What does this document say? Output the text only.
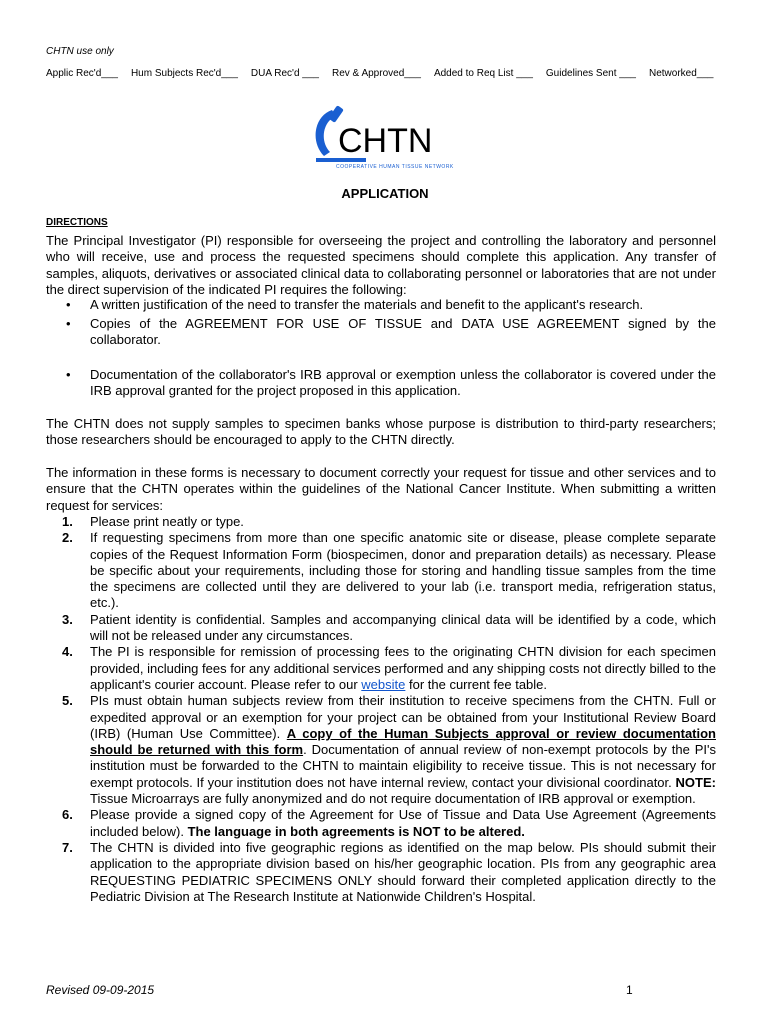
CHTN use only
Applic Rec'd___ Hum Subjects Rec'd___ DUA Rec'd ___ Rev & Approved___ Added to Req List ___ Guidelines Sent ___ Networked___
CHTN
COOPERATIVE HUMAN TISSUE NETWORK
APPLICATION
DIRECTIONS
The Principal Investigator (PI) responsible for overseeing the project and controlling the laboratory and personnel who will receive, use and process the requested specimens should complete this application. Any transfer of samples, aliquots, derivatives or associated clinical data to collaborating personnel or laboratories that are not under the direct supervision of the indicated PI requires the following:
• A written justification of the need to transfer the materials and benefit to the applicant's research.
• Copies of the AGREEMENT FOR USE OF TISSUE and DATA USE AGREEMENT signed by the collaborator.
• Documentation of the collaborator's IRB approval or exemption unless the collaborator is covered under the IRB approval granted for the project proposed in this application.
The CHTN does not supply samples to specimen banks whose purpose is distribution to third-party researchers; those researchers should be encouraged to apply to the CHTN directly.
The information in these forms is necessary to document correctly your request for tissue and other services and to ensure that the CHTN operates within the guidelines of the National Cancer Institute. When submitting a written request for services:
1. Please print neatly or type.
2. If requesting specimens from more than one specific anatomic site or disease, please complete separate copies of the Request Information Form (biospecimen, donor and preparation details) as necessary. Please be specific about your requirements, including those for storing and handling tissue samples from the time the specimens are collected until they are delivered to your lab (i.e. transport media, refrigeration status, etc.).
3. Patient identity is confidential. Samples and accompanying clinical data will be identified by a code, which will not be released under any circumstances.
4. The PI is responsible for remission of processing fees to the originating CHTN division for each specimen provided, including fees for any additional services performed and any shipping costs not directly billed to the applicant's courier account. Please refer to our website for the current fee table.
5. PIs must obtain human subjects review from their institution to receive specimens from the CHTN. Full or expedited approval or an exemption for your project can be obtained from your Institutional Review Board (IRB) (Human Use Committee). A copy of the Human Subjects approval or review documentation should be returned with this form. Documentation of annual review of non-exempt protocols by the PI's institution must be forwarded to the CHTN to maintain eligibility to receive tissue. This is not necessary for exempt protocols. If your institution does not have internal review, contact your divisional coordinator. NOTE: Tissue Microarrays are fully anonymized and do not require documentation of IRB approval or exemption.
6. Please provide a signed copy of the Agreement for Use of Tissue and Data Use Agreement (Agreements included below). The language in both agreements is NOT to be altered.
7. The CHTN is divided into five geographic regions as identified on the map below. PIs should submit their application to the appropriate division based on his/her geographic location. PIs from any geographic area REQUESTING PEDIATRIC SPECIMENS ONLY should forward their completed application directly to the Pediatric Division at The Research Institute at Nationwide Children's Hospital.
Revised 09-09-2015	1
